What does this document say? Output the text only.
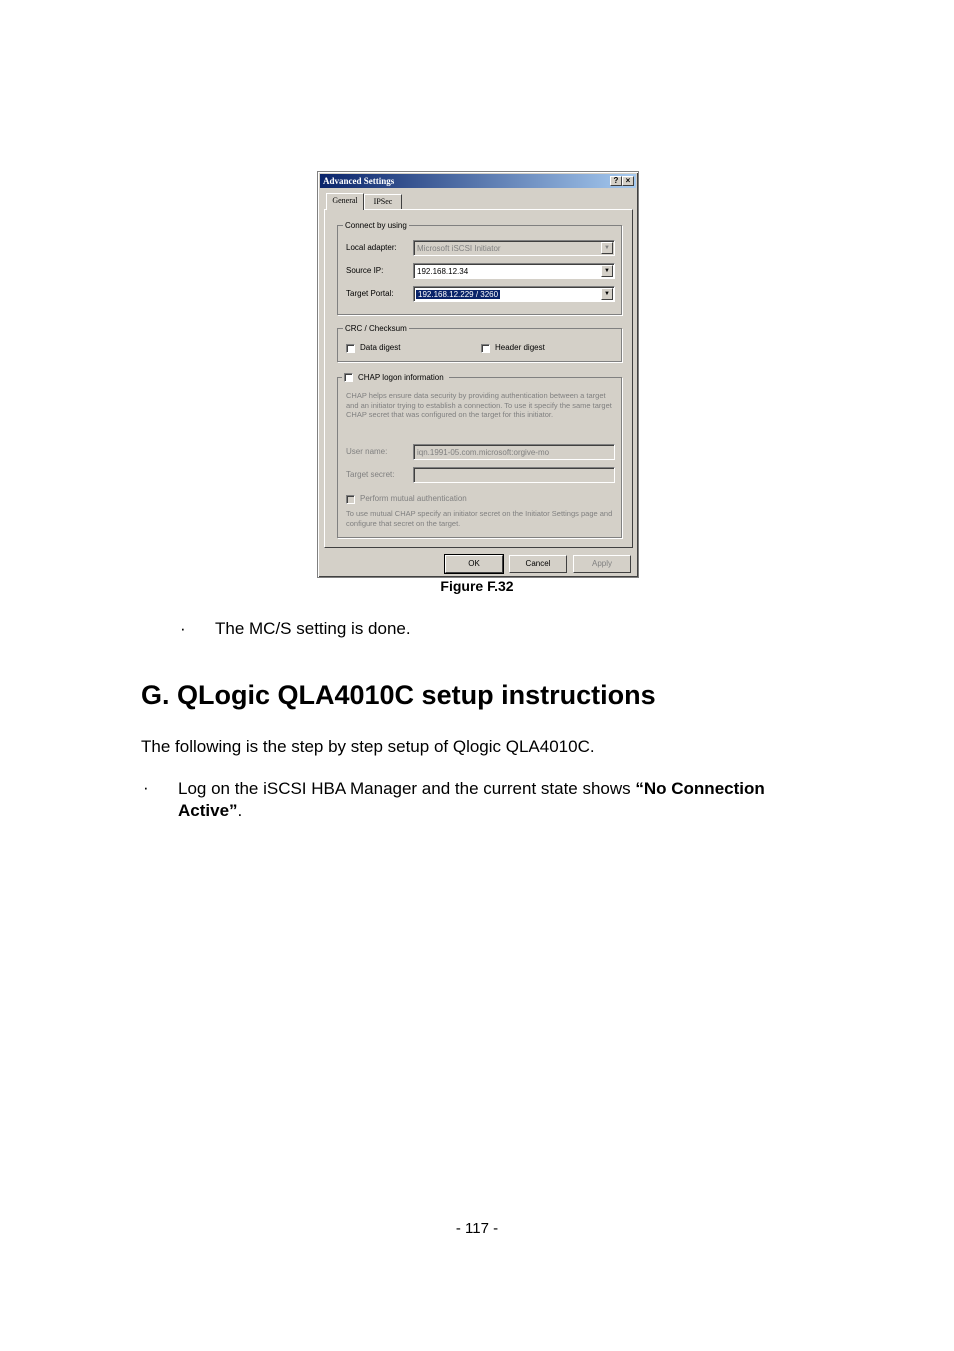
Advanced Settings	? ×
General	IPSec
Connect by using
Local adapter:	Microsoft iSCSI Initiator	▼
Source IP:	192.168.12.34	▼
Target Portal:	192.168.12.229 / 3260	▼
CRC / Checksum
Data digest	Header digest
CHAP logon information
CHAP helps ensure data security by providing authentication between a target and an initiator trying to establish a connection. To use it specify the same target CHAP secret that was configured on the target for this initiator.
User name:	iqn.1991-05.com.microsoft:orgive-mo
Target secret:
Perform mutual authentication
To use mutual CHAP specify an initiator secret on the Initiator Settings page and configure that secret on the target.
OK	Cancel	Apply
Figure F.32
· The MC/S setting is done.
G. QLogic QLA4010C setup instructions
The following is the step by step setup of Qlogic QLA4010C.
· Log on the iSCSI HBA Manager and the current state shows “No Connection Active”.
- 117 -
